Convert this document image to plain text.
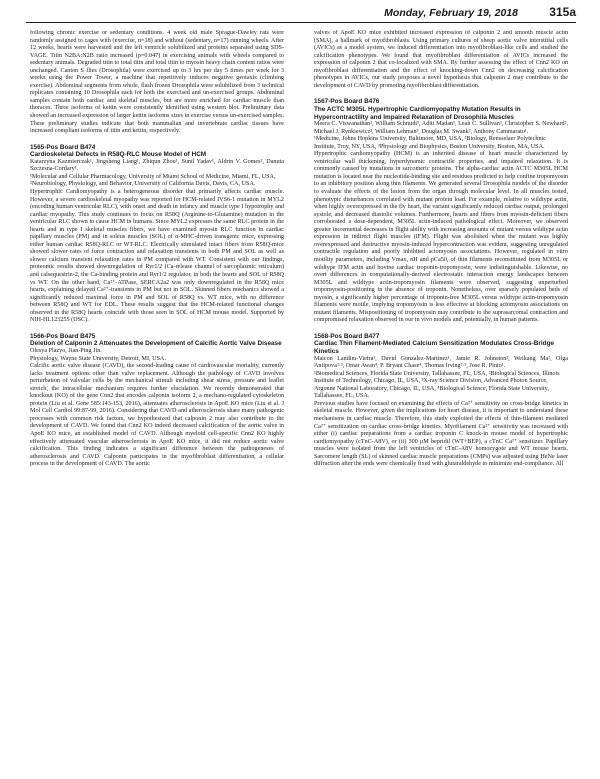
Monday, February 19, 2018	315a

following chronic exercise or sedentary conditions. 4 week old male Sprague-Dawley rats were randomly assigned to cages with (exercise, n=18) and without (sedentary, n=17) running wheels. After 12 weeks, hearts were harvested and the left ventricle solubilized and proteins separated using SDS-VAGE. Titin N2BA:N2B ratio increased (p=0.047) in exercising animals with wheels compared to sedentary animals. Degraded titin to total titin and total titin to myosin heavy chain content ratios were unchanged. Canton S flies (Drosophila) were exercised up to 3 hrs per day 5 times per week for 3 weeks using the Power Tower, a machine that repetitively induces negative geotaxis (climbing exercise). Abdominal segments from whole, flash frozen Drosophila were solubilized from 3 technical replicates containing 10 Drosophila each for both the exercised and un-exercised groups. Abdominal samples contain both cardiac and skeletal muscles, but are more enriched for cardiac muscle than thoraces. Three isoforms of kettin were consistently identified using western blot. Preliminary data showed an increased expression of larger kettin isoforms sizes in exercise versus un-exercised samples. These preliminary studies indicate that both mammalian and invertebrate cardiac tissues have increased compliant isoforms of titin and kettin, respectively.

1565-Pos Board B474
Cardioskeletal Defects in R58Q-RLC Mouse Model of HCM
Katarzyna Kazmierczak¹, Jingsheng Liang¹, Zhiqun Zhou¹, Sunil Yadav¹, Aldrin V. Gomes², Danuta Szczesna-Cordary¹.
¹Molecular and Cellular Pharmacology, University of Miami School of Medicine, Miami, FL, USA, ²Neurobiology, Physiology, and Behavior, University of California Davis, Davis, CA, USA.

Hypertrophic Cardiomyopathy is a heterogeneous disorder that primarily affects cardiac muscle. However, a severe cardioskeletal myopathy was reported for HCM-related IVS6-1 mutation in MYL2 (encoding human ventricular RLC), with onset and death in infancy and muscle type I hypotrophy and cardiac myopathy. This study continues to focus on R58Q (Arginine-to-Glutamine) mutation in the ventricular RLC shown to cause HCM in humans. Since MYL2 expresses the same RLC protein in the hearts and in type I skeletal muscles fibers, we have examined myosin RLC function in cardiac papillary muscles (PM) and in soleus muscles (SOL) of α-MHC-driven transgenic mice, expressing either human cardiac R58Q-RLC or WT-RLC. Electrically stimulated intact fibers from R58Q-mice showed slower rates of force contraction and relaxation transients in both PM and SOL as well as slower calcium transient relaxation rates in PM compared with WT. Consistent with our findings, proteomic results showed downregulation of Ryr1/2 (Ca-release channel of sarcoplasmic reticulum) and calsequestrin-2, the Ca-binding protein and Ryr1/2 regulator, in both the hearts and SOL of R58Q vs WT. On the other hand, Ca²⁺-ATPase, SERCA2a2 was only downregulated in the R58Q mice hearts, explaining delayed Ca²⁺-transients in PM but not in SOL. Skinned fibers mechanics showed a significantly reduced maximal force in PM and SOL of R58Q vs. WT mice, with no difference between R58Q and WT for EDL. These results suggest that the HCM-related functional changes observed in the R58Q hearts coincide with those seen in SOL of HCM mouse model. Supported by NIH-HL123255 (DSC).

1566-Pos Board B475
Deletion of Calponin 2 Attenuates the Development of Calcific Aortic Valve Disease
Olesya Plazyo, Jian-Ping Jin.
Physiology, Wayne State University, Detroit, MI, USA.

Calcific aortic valve disease (CAVD), the second-leading cause of cardiovascular mortality, currently lacks treatment options other than valve replacement. Although the pathology of CAVD involves perturbation of valvular cells by the mechanical stimuli including shear stress, pressure and leaflet stretch, the intracellular mechanism requires further elucidation. We recently demonstrated that knockout (KO) of the gene Cnn2 that encodes calponin isoform 2, a mechano-regulated cytoskeleton protein (Liu et al. Gene 585:143-153, 2016), attenuates atherosclerosis in ApoE KO mice (Liu et al. J Mol Cell Cardiol 99:87-99, 2016). Considering that CAVD and atherosclerosis share many pathogenic processes with common risk factors, we hypothesized that calponin 2 may also contribute to the development of CAVD. We found that Cnn2 KO indeed decreased calcification of the aortic valve in ApoE KO mice, an established model of CAVD. Although myeloid cell-specific Cnn2 KO highly effectively attenuated vascular atherosclerosis in ApoE KO mice, it did not reduce aortic valve calcification. This finding indicates a significant difference between the pathogeneses of atherosclerosis and CAVD. Calponin participates in the myofibroblast differentiation, a cellular process in the development of CAVD. The aortic

valves of ApoE KO mice exhibited increased expression of calponin 2 and smooth muscle actin (SMA), a hallmark of myofibroblasts. Using primary cultures of sheep aortic valve interstitial cells (AVICs) as a model system, we induced differentiation into myofibroblast-like cells and studied the calcification phenotypes. We found that myofibroblast differentiation of AVICs increased the expression of calponin 2 that co-localized with SMA. By further assessing the effect of Cnn2 KO on myofibroblast differentiation and the effect of knocking-down Cnn2 on decreasing calcification phenotypes in AVICs, our study proposes a novel hypothesis that calponin 2 may contribute to the development of CAVD by promoting myofibroblast differentiation.

1567-Pos Board B476
The ACTC M305L Hypertrophic Cardiomyopathy Mutation Results in Hypercontractility and Impaired Relaxation of Drosophila Muscles
Meera C. Viswanathan¹, William Schmidt¹, Aditi Madan¹, Leah C. Sullivan², Christopher S. Newhard², Michael J. Rynkiewicz³, William Lehman³, Douglas M. Swank², Anthony Cammarato¹.
¹Medicine, Johns Hopkins University, Baltimore, MD, USA, ²Biology, Rensselaer Polytechnic Institute, Troy, NY, USA, ³Physiology and Biophysics, Boston University, Boston, MA, USA.

Hypertrophic cardiomyopathy (HCM) is an inherited disease of heart muscle characterized by ventricular wall thickening, hyperdynamic contractile properties, and impaired relaxation. It is commonly caused by mutations in sarcomeric proteins. The alpha-cardiac actin ACTC M305L HCM mutation is located near the nucleotide-binding site and residues predicted to help confine tropomyosin to an inhibitory position along thin filaments. We generated several Drosophila models of the disorder to evaluate the effects of the lesion from the organ through molecular level. In all muscles tested, phenotypic disturbances correlated with mutant protein load. For example, relative to wildtype actin, when highly overexpressed in the fly heart, the variant significantly reduced cardiac output, prolonged systole, and decreased diastolic volumes. Furthermore, hearts and fibers from myosin-deficient fibers corroborated a dose-dependent, M305L actin-induced pathological effect. Moreover, we observed greater incremental decreases in flight ability with increasing amounts of mutant versus wildtype actin expression in indirect flight muscles (IFM). Flight was abolished when the mutant was highly overexpressed and destructive myosin-induced hypercontraction was evident, suggesting unregulated contractile regulation and poorly inhibited actomyosin associations. However, regulated in vitro motility parameters, including Vmax, nH and pCa50, of thin filaments reconstituted from M305L or wildtype IFM actin and bovine cardiac troponin-tropomyosin, were indistinguishable. Likewise, no overt differences in computationally-derived electrostatic interaction energy landscapes between M305L and wildtype actin-tropomyosin filaments were observed, suggesting unperturbed tropomyosin-positioning in the absence of troponin. Nonetheless, over sparsely populated beds of myosin, a significantly higher percentage of troponin-free M305L versus wildtype actin-tropomyosin filaments were motile, implying tropomyosin is less effective at blocking actomyosin associations on mutant filaments. Mispositioning of tropomyosin may contribute to the suprasarcomal contraction and compromised relaxation observed in our in vivo models and, potentially, in human patients.

1568-Pos Board B477
Cardiac Thin Filament-Mediated Calcium Sensitization Modulates Cross-Bridge Kinetics
Maicon Landim-Vieira¹, David Gonzalez-Martinez¹, Jamie R. Johnston¹, Weikang Ma², Olga Antipova²·³, Omar Awan⁴, P. Bryant Chase⁴, Thomas Irving²·³, Jose R. Pinto¹.
¹Biomedical Sciences, Florida State University, Tallahassee, FL, USA, ²Biological Sciences, Illinois Institute of Technology, Chicago, IL, USA, ³X-ray Science Division, Advanced Photon Source, Argonne National Laboratory, Chicago, IL, USA, ⁴Biological Science, Florida State University, Tallahassee, FL, USA.

Previous studies have focused on examining the effects of Ca²⁺ sensitivity on cross-bridge kinetics in skeletal muscle. However, given the implications for heart disease, it is important to understand these mechanisms in cardiac muscle. Therefore, this study exploited the effects of thin-filament mediated Ca²⁺ sensitization on cardiac cross-bridge kinetics. Myofilament Ca²⁺ sensitivity was increased with either (i) cardiac preparations from a cardiac troponin C knock-in mouse model of hypertrophic cardiomyopathy (cTnC-A8V), or (ii) 300 μM bepridil (WT+BEP), a cTnC Ca²⁺ sensitizer. Papillary muscles were isolated from the left ventricles of cTnC-A8V homozygote and WT mouse hearts. Sarcomere length (SL) of skinned cardiac muscle preparations (CMPs) was adjusted using HeNe laser diffraction after the ends were chemically fixed with glutaraldehyde to minimize end-compliance. All
